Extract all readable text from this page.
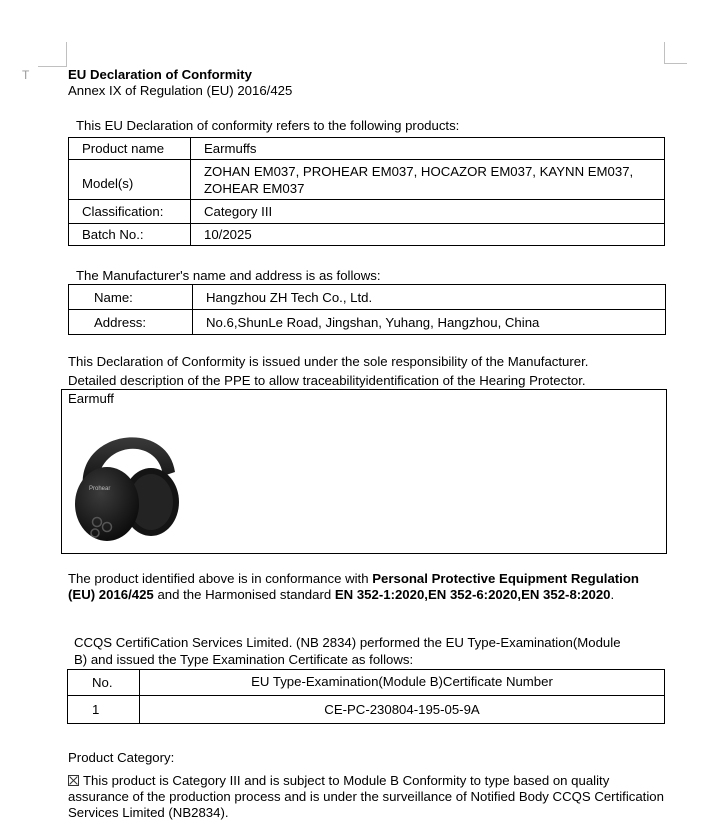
T	EU Declaration of Conformity
Annex IX of Regulation (EU) 2016/425
This EU Declaration of conformity refers to the following products:
Product name	Earmuffs
Model(s)	ZOHAN EM037, PROHEAR EM037, HOCAZOR EM037, KAYNN EM037,
ZOHEAR EM037

Classification:	Category III
Batch No.:	10/2025
The Manufacturer's name and address is as follows:
Name:	Hangzhou ZH Tech Co., Ltd.
Address:	No.6,ShunLe Road, Jingshan, Yuhang, Hangzhou, China
This Declaration of Conformity is issued under the sole responsibility of the Manufacturer.
Detailed description of the PPE to allow traceabilityidentification of the Hearing Protector.
Earmuff
Prohear
The product identified above is in conformance with Personal Protective Equipment Regulation (EU) 2016/425 and the Harmonised standard EN 352-1:2020,EN 352-6:2020,EN 352-8:2020.
CCQS CertifiCation Services Limited. (NB 2834) performed the EU Type-Examination(Module
B) and issued the Type Examination Certificate as follows:
No.	EU Type-Examination(Module B)Certificate Number
1	CE-PC-230804-195-05-9A
Product Category:
This product is Category III and is subject to Module B Conformity to type based on quality assurance of the production process and is under the surveillance of Notified Body CCQS Certification Services Limited (NB2834).
